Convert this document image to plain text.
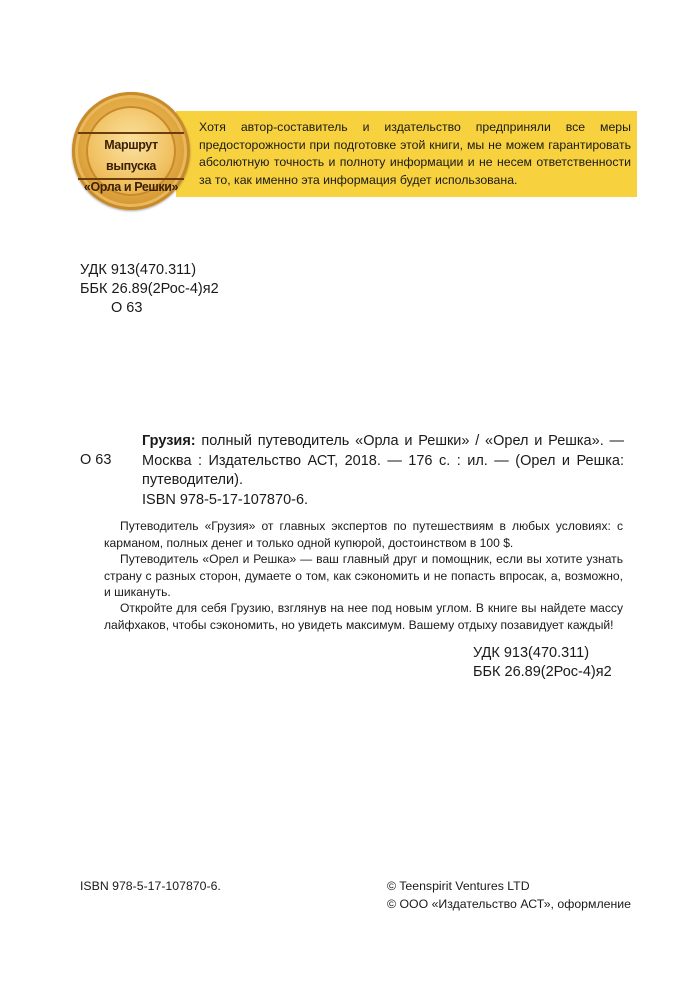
Хотя автор-составитель и издательство предприняли все меры предосторожности при подготовке этой книги, мы не можем гарантировать абсолютную точность и полноту информации и не несем ответственности за то, как именно эта информация будет использована.
Маршрут выпуска
«Орла и Решки»
УДК 913(470.311)
ББК 26.89(2Рос-4)я2
О 63
О 63
Грузия: полный путеводитель «Орла и Решки» / «Орел и Решка». — Москва : Издательство АСТ, 2018. — 176 с. : ил. — (Орел и Решка: путеводители).
ISBN 978-5-17-107870-6.

Путеводитель «Грузия» от главных экспертов по путешествиям в любых условиях: с карманом, полных денег и только одной купюрой, достоинством в 100 $.

Путеводитель «Орел и Решка» — ваш главный друг и помощник, если вы хотите узнать страну с разных сторон, думаете о том, как сэкономить и не попасть впросак, а, возможно, и шикануть.

Откройте для себя Грузию, взглянув на нее под новым углом. В книге вы найдете массу лайфхаков, чтобы сэкономить, но увидеть максимум. Вашему отдыху позавидует каждый!

УДК 913(470.311)
ББК 26.89(2Рос-4)я2
ISBN 978-5-17-107870-6.	© Teenspirit Ventures LTD
© ООО «Издательство АСТ», оформление
